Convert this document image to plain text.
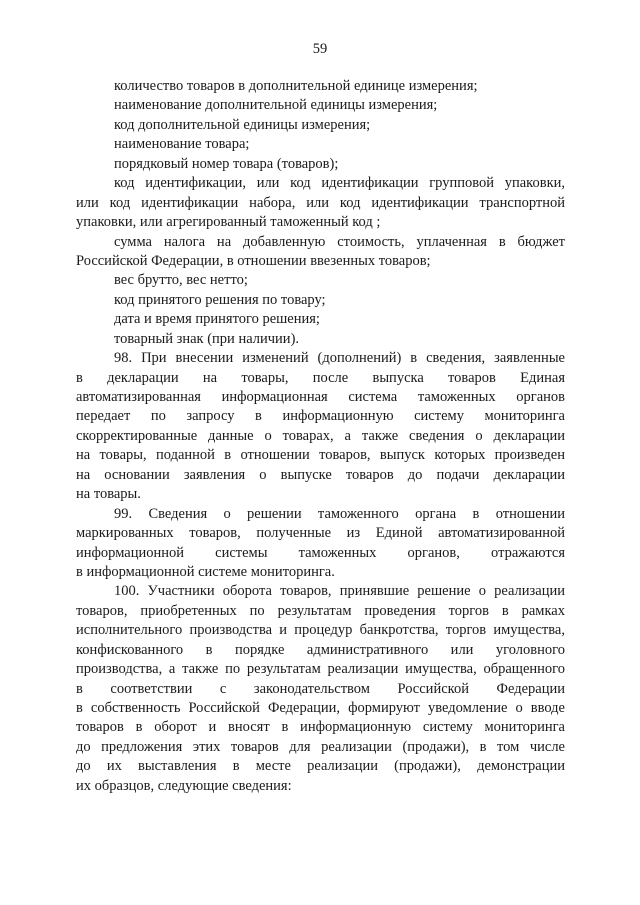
59
количество товаров в дополнительной единице измерения;
наименование дополнительной единицы измерения;
код дополнительной единицы измерения;
наименование товара;
порядковый номер товара (товаров);
код идентификации, или код идентификации групповой упаковки,
или код идентификации набора, или код идентификации транспортной
упаковки, или агрегированный таможенный код ;
сумма налога на добавленную стоимость, уплаченная в бюджет
Российской Федерации, в отношении ввезенных товаров;
вес брутто, вес нетто;
код принятого решения по товару;
дата и время принятого решения;
товарный знак (при наличии).
98. При внесении изменений (дополнений) в сведения, заявленные
в декларации на товары, после выпуска товаров Единая
автоматизированная информационная система таможенных органов
передает по запросу в информационную систему мониторинга
скорректированные данные о товарах, а также сведения о декларации
на товары, поданной в отношении товаров, выпуск которых произведен
на основании заявления о выпуске товаров до подачи декларации
на товары.
99. Сведения о решении таможенного органа в отношении
маркированных товаров, полученные из Единой автоматизированной
информационной системы таможенных органов, отражаются
в информационной системе мониторинга.
100. Участники оборота товаров, принявшие решение о реализации
товаров, приобретенных по результатам проведения торгов в рамках
исполнительного производства и процедур банкротства, торгов имущества,
конфискованного в порядке административного или уголовного
производства, а также по результатам реализации имущества, обращенного
в соответствии с законодательством Российской Федерации
в собственность Российской Федерации, формируют уведомление о вводе
товаров в оборот и вносят в информационную систему мониторинга
до предложения этих товаров для реализации (продажи), в том числе
до их выставления в месте реализации (продажи), демонстрации
их образцов, следующие сведения:
